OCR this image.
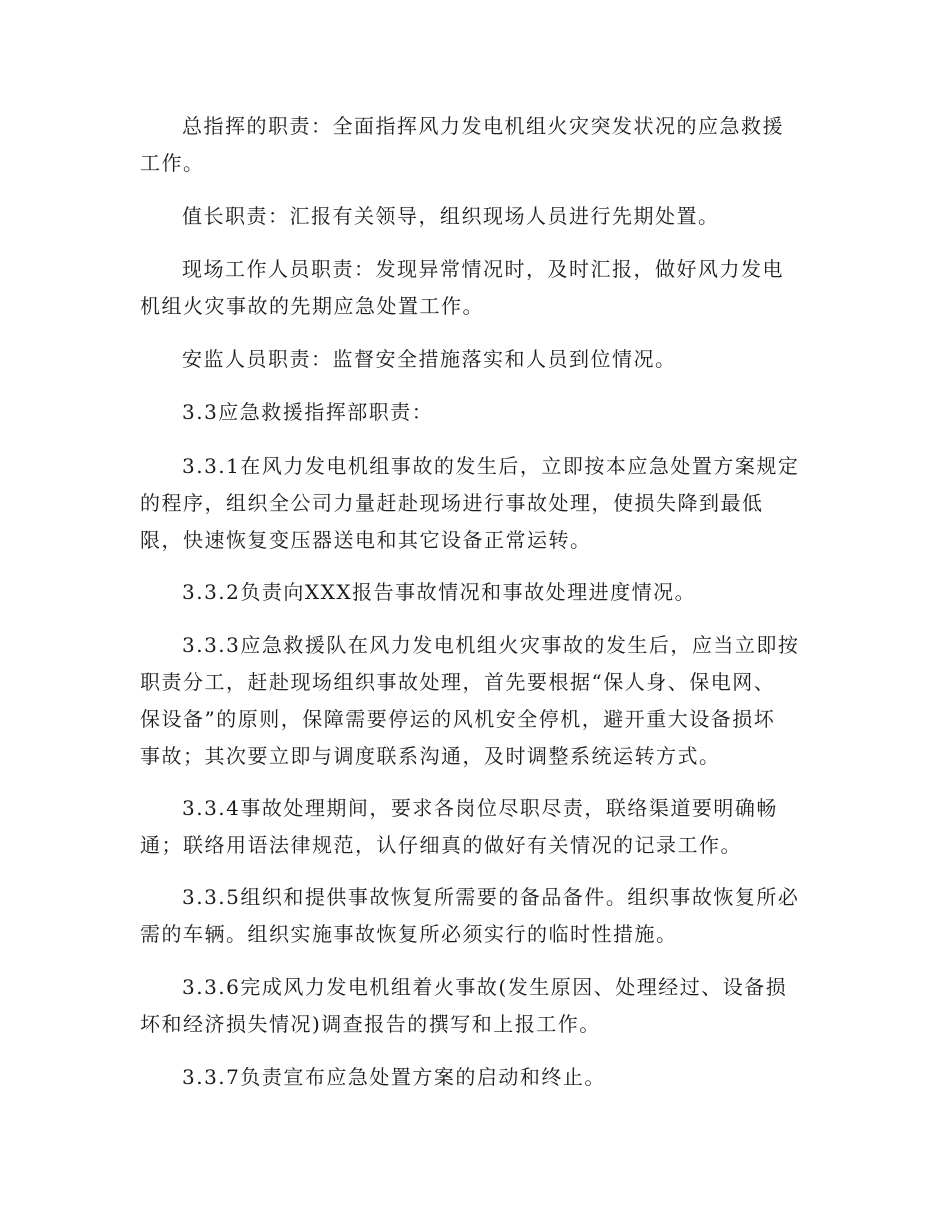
总指挥的职责：全面指挥风力发电机组火灾突发状况的应急救援
工作。

值长职责：汇报有关领导，组织现场人员进行先期处置。

现场工作人员职责：发现异常情况时，及时汇报，做好风力发电
机组火灾事故的先期应急处置工作。

安监人员职责：监督安全措施落实和人员到位情况。

3.3应急救援指挥部职责：

3.3.1在风力发电机组事故的发生后，立即按本应急处置方案规定
的程序，组织全公司力量赶赴现场进行事故处理，使损失降到最低
限，快速恢复变压器送电和其它设备正常运转。

3.3.2负责向XXX报告事故情况和事故处理进度情况。

3.3.3应急救援队在风力发电机组火灾事故的发生后，应当立即按
职责分工，赶赴现场组织事故处理，首先要根据“保人身、保电网、
保设备”的原则，保障需要停运的风机安全停机，避开重大设备损坏
事故；其次要立即与调度联系沟通，及时调整系统运转方式。

3.3.4事故处理期间，要求各岗位尽职尽责，联络渠道要明确畅
通；联络用语法律规范，认仔细真的做好有关情况的记录工作。

3.3.5组织和提供事故恢复所需要的备品备件。组织事故恢复所必
需的车辆。组织实施事故恢复所必须实行的临时性措施。

3.3.6完成风力发电机组着火事故(发生原因、处理经过、设备损
坏和经济损失情况)调查报告的撰写和上报工作。

3.3.7负责宣布应急处置方案的启动和终止。
